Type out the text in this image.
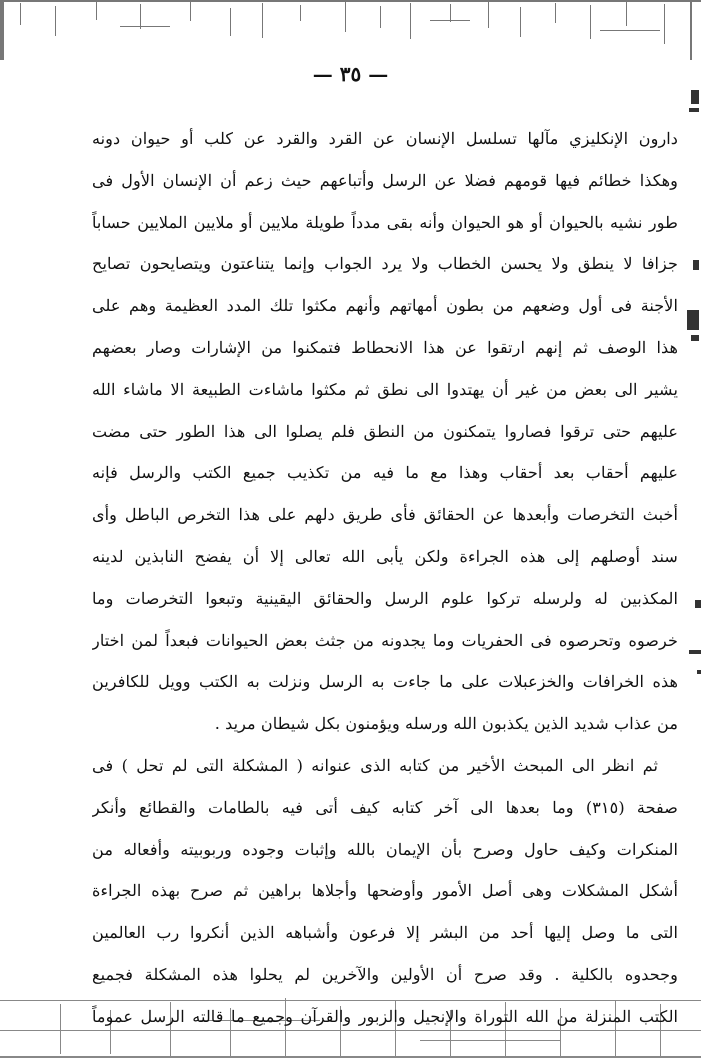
— ٣٥ —
دارون الإنكليزي مآلها تسلسل الإنسان عن القرد والقرد عن كلب أو حيوان دونه
وهكذا خطائم فيها قومهم فضلا عن الرسل وأتباعهم حيث زعم أن الإنسان الأول فى
طور نشيه بالحيوان أو هو الحيوان وأنه بقى مدداً طويلة ملايين أو ملايين الملايين حساباً
جزافا لا ينطق ولا يحسن الخطاب ولا يرد الجواب وإنما يتناعتون ويتصايحون تصايح
الأجنة فى أول وضعهم من بطون أمهاتهم وأنهم مكثوا تلك المدد العظيمة وهم على
هذا الوصف ثم إنهم ارتقوا عن هذا الانحطاط فتمكنوا من الإشارات وصار بعضهم
يشير الى بعض من غير أن يهتدوا الى نطق ثم مكثوا ماشاءت الطبيعة الا ماشاء الله
عليهم حتى ترقوا فصاروا يتمكنون من النطق فلم يصلوا الى هذا الطور حتى مضت
عليهم أحقاب بعد أحقاب وهذا مع ما فيه من تكذيب جميع الكتب والرسل فإنه
أخبث التخرصات وأبعدها عن الحقائق فأى طريق دلهم على هذا التخرص الباطل وأى
سند أوصلهم إلى هذه الجراءة ولكن يأبى الله تعالى إلا أن يفضح النابذين لدينه
المكذبين له ولرسله تركوا علوم الرسل والحقائق اليقينية وتبعوا التخرصات وما
خرصوه وتحرصوه فى الحفريات وما يجدونه من جثث بعض الحيوانات فبعداً لمن اختار
هذه الخرافات والخزعبلات على ما جاءت به الرسل ونزلت به الكتب وويل للكافرين
من عذاب شديد الذين يكذبون الله ورسله ويؤمنون بكل شيطان مريد .
ثم انظر الى المبحث الأخير من كتابه الذى عنوانه ( المشكلة التى لم تحل ) فى
صفحة (٣١٥) وما بعدها الى آخر كتابه كيف أتى فيه بالطامات والقطائع وأنكر
المنكرات وكيف حاول وصرح بأن الإيمان بالله وإثبات وجوده وربوبيته وأفعاله من
أشكل المشكلات وهى أصل الأمور وأوضحها وأجلاها براهين ثم صرح بهذه الجراءة
التى ما وصل إليها أحد من البشر إلا فرعون وأشباهه الذين أنكروا رب العالمين
وجحدوه بالكلية . وقد صرح أن الأولين والآخرين لم يحلوا هذه المشكلة فجميع
الكتب المنزلة من الله التوراة والإنجيل والزبور والقرآن وجميع ما قالته الرسل عموماً
